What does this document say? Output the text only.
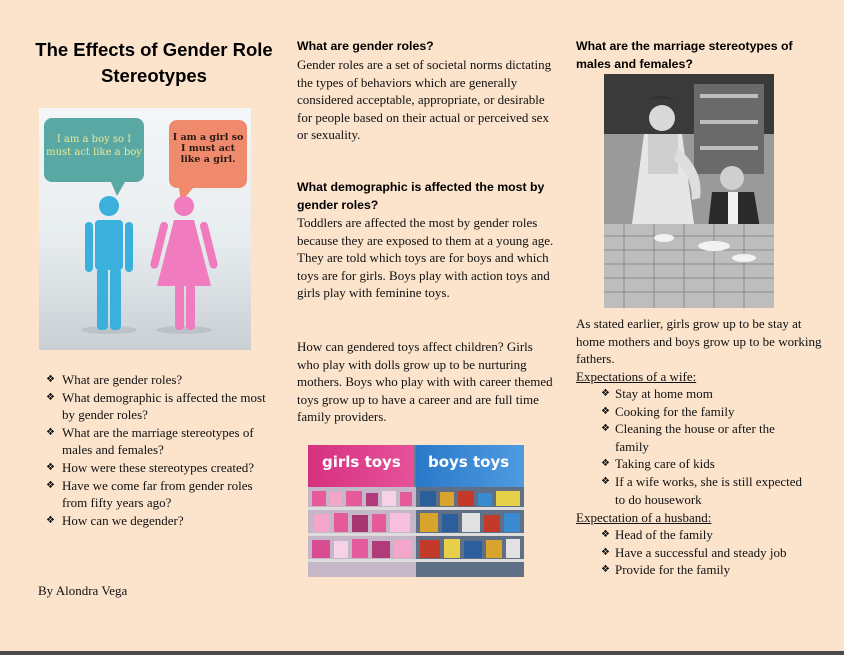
The Effects of Gender Role Stereotypes
I am a boy so I must act like a boy
I am a girl so I must act like a girl.
❖ What are gender roles?
❖ What demographic is affected the most by gender roles?
❖ What are the marriage stereotypes of males and females?
❖ How were these stereotypes created?
❖ Have we come far from gender roles from fifty years ago?
❖ How can we degender?
By Alondra Vega
What are gender roles?
Gender roles are a set of societal norms dictating the types of behaviors which are generally considered acceptable, appropriate, or desirable for people based on their actual or perceived sex or sexuality.
What demographic is affected the most by gender roles?
Toddlers are affected the most by gender roles because they are exposed to them at a young age. They are told which toys are for boys and which toys are for girls. Boys play with action toys and girls play with feminine toys.
How can gendered toys affect children? Girls who play with dolls grow up to be nurturing mothers. Boys who play with with career themed toys grow up to have a career and are full time family providers.
girls toys	boys toys
What are the marriage stereotypes of males and females?
As stated earlier, girls grow up to be stay at home mothers and boys grow up to be working fathers.
Expectations of a wife:
❖ Stay at home mom
❖ Cooking for the family
❖ Cleaning the house or after the family
❖ Taking care of kids
❖ If a wife works, she is still expected to do housework
Expectation of a husband:
❖ Head of the family
❖ Have a successful and steady job
❖ Provide for the family
